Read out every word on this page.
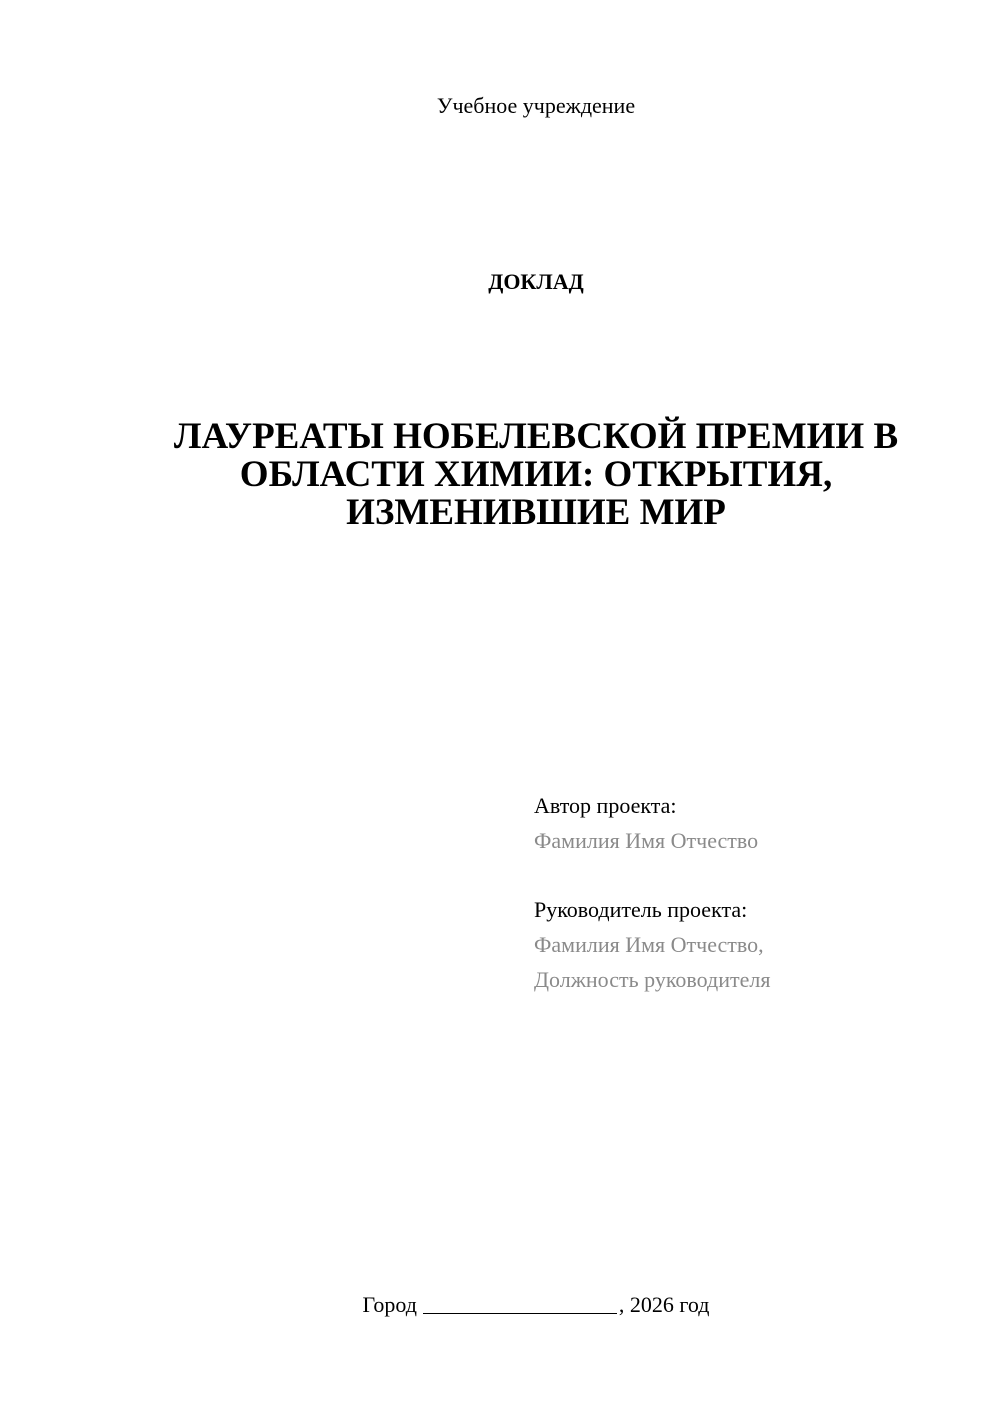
Учебное учреждение
ДОКЛАД
ЛАУРЕАТЫ НОБЕЛЕВСКОЙ ПРЕМИИ В
ОБЛАСТИ ХИМИИ: ОТКРЫТИЯ,
ИЗМЕНИВШИЕ МИР
Автор проекта:
Фамилия Имя Отчество
Руководитель проекта:
Фамилия Имя Отчество,
Должность руководителя
Город	, 2026 год
